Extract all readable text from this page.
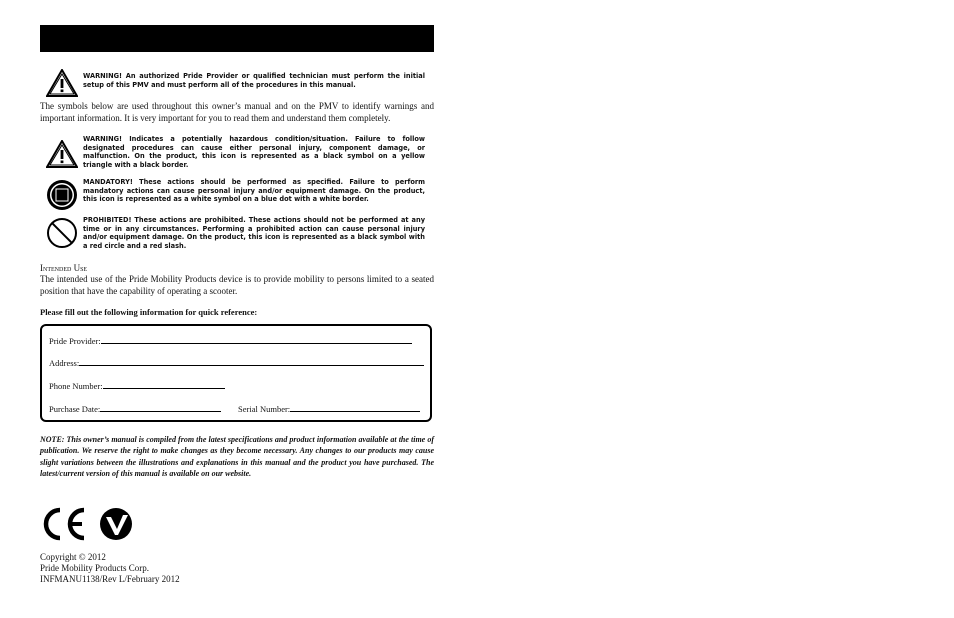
WARNING! An authorized Pride Provider or qualified technician must perform the initial setup of this PMV and must perform all of the procedures in this manual.
The symbols below are used throughout this owner’s manual and on the PMV to identify warnings and important information. It is very important for you to read them and understand them completely.
WARNING! Indicates a potentially hazardous condition/situation. Failure to follow designated procedures can cause either personal injury, component damage, or malfunction. On the product, this icon is represented as a black symbol on a yellow triangle with a black border.
MANDATORY! These actions should be performed as specified. Failure to perform mandatory actions can cause personal injury and/or equipment damage. On the product, this icon is represented as a white symbol on a blue dot with a white border.
PROHIBITED! These actions are prohibited. These actions should not be performed at any time or in any circumstances. Performing a prohibited action can cause personal injury and/or equipment damage. On the product, this icon is represented as a black symbol with a red circle and a red slash.
Intended Use
The intended use of the Pride Mobility Products device is to provide mobility to persons limited to a seated position that have the capability of operating a scooter.
Please fill out the following information for quick reference:
Pride Provider:
Address:
Phone Number:
Purchase Date:	Serial Number:
NOTE: This owner’s manual is compiled from the latest specifications and product information available at the time of publication. We reserve the right to make changes as they become necessary. Any changes to our products may cause slight variations between the illustrations and explanations in this manual and the product you have purchased. The latest/current version of this manual is available on our website.
Copyright © 2012
Pride Mobility Products Corp.
INFMANU1138/Rev L/February 2012
